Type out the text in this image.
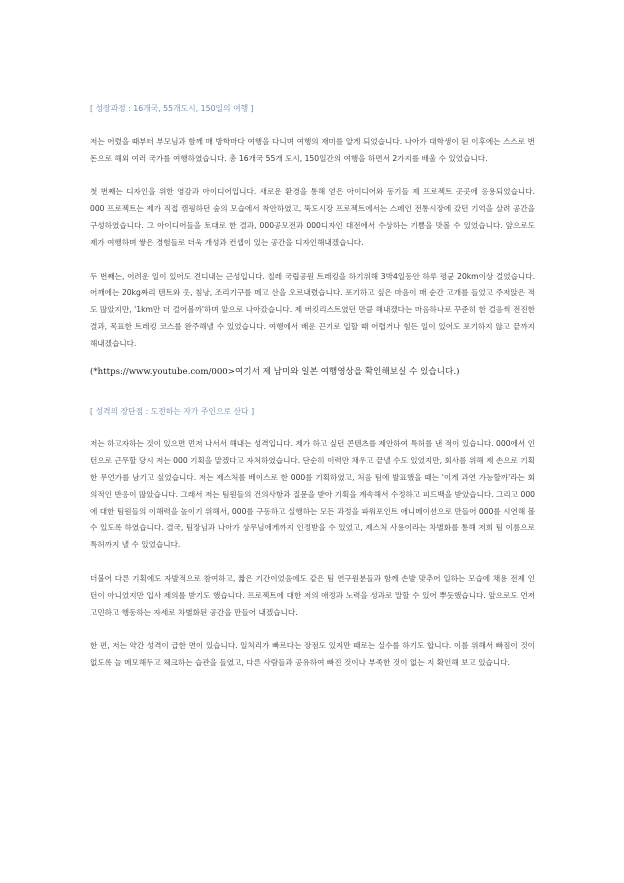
[ 성장과정 : 16개국, 55개도시, 150일의 여행 ]

저는 어렸을 때부터 부모님과 함께 매 방학마다 여행을 다니며 여행의 재미를 알게 되었습니다. 나아가 대학생이 된 이후에는 스스로 번 돈으로 해외 여러 국가를 여행하였습니다. 총 16개국 55개 도시, 150일간의 여행을 하면서 2가지를 배울 수 있었습니다.

첫 번째는 디자인을 위한 영감과 아이디어입니다. 새로운 환경을 통해 얻은 아이디어와 동기들 제 프로젝트 곳곳에 응용되었습니다. 000 프로젝트는 제가 직접 캠핑하던 숲의 모습에서 착안하였고, 뚝도시장 프로젝트에서는 스페인 전통시장에 갔던 기억을 살려 공간을 구성하였습니다. 그 아이디어들을 토대로 한 결과, 000공모전과 000디자인 대전에서 수상하는 기쁨을 맛볼 수 있었습니다. 앞으로도 제가 여행하며 쌓은 경험들로 더욱 개성과 컨셉이 있는 공간을 디자인해내겠습니다.

두 번째는, 어려운 일이 있어도 견디내는 근성입니다. 칠레 국립공원 트레킹을 하기위해 3박4일동안 하루 평균 20km이상 걸었습니다. 어깨에는 20kg짜리 텐트와 옷, 침낭, 조리기구를 메고 산을 오르내렸습니다. 포기하고 싶은 마음이 매 순간 고개를 들었고 주저앉은 적도 많았지만, '1km만 더 걸어볼까'하며 앞으로 나아갔습니다. 제 버킷리스트였던 만큼 해내겠다는 마음하나로 꾸준히 한 걸음씩 전진한 결과, 목표한 트레킹 코스를 완주해낼 수 있었습니다. 여행에서 배운 끈기로 일할 때 어렵거나 힘든 일이 있어도 포기하지 않고 끝까지 해내겠습니다.

(*https://www.youtube.com/000>여기서 제 남미와 일본 여행영상을 확인해보실 수 있습니다.)

[ 성격의 장단점 : 도전하는 자가 주인으로 산다 ]

저는 하고자하는 것이 있으면 먼저 나서서 해내는 성격입니다. 제가 하고 싶던 콘텐츠를 제안하여 특허를 낸 적이 있습니다. 000에서 인턴으로 근무할 당시 저는 000 기획을 맡겠다고 자처하였습니다. 단순히 이력만 채우고 끝낼 수도 있었지만, 회사를 위해 제 손으로 기획한 무언가를 남기고 싶었습니다. 저는 제스처를 베이스로 한 000를 기획하였고, 처음 팀에 발표했을 때는 '이게 과연 가능할까'라는 회의적인 반응이 많았습니다. 그래서 저는 팀원들의 건의사항과 질문을 받아 기획을 계속해서 수정하고 피드백을 받았습니다. 그리고 000에 대한 팀원들의 이해력을 높이기 위해서, 000를 구동하고 실행하는 모든 과정을 파워포인트 애니메이션으로 만들어 000를 시연해 볼 수 있도록 하였습니다. 결국, 팀장님과 나아가 상무님에게까지 인정받을 수 있었고, 제스처 사용이라는 차별화를 통해 저희 팀 이름으로 특허까지 낼 수 있었습니다.

더불어 다른 기획에도 자발적으로 참여하고, 짧은 기간이었음에도 같은 팀 연구원분들과 함께 손발 맞추어 일하는 모습에 채용 전제 인턴이 아니었지만 입사 제의를 받기도 했습니다. 프로젝트에 대한 저의 애정과 노력을 성과로 말할 수 있어 뿌듯했습니다. 앞으로도 먼저 고민하고 행동하는 자세로 차별화된 공간을 만들어 내겠습니다.

한 편, 저는 약간 성격이 급한 면이 있습니다. 일처리가 빠르다는 장점도 있지만 때로는 실수를 하기도 합니다. 이를 위해서 빠짐이 것이 없도록 늘 메모해두고 체크하는 습관을 들였고, 다른 사람들과 공유하여 빠진 것이나 부족한 것이 없는 지 확인해 보고 있습니다.
